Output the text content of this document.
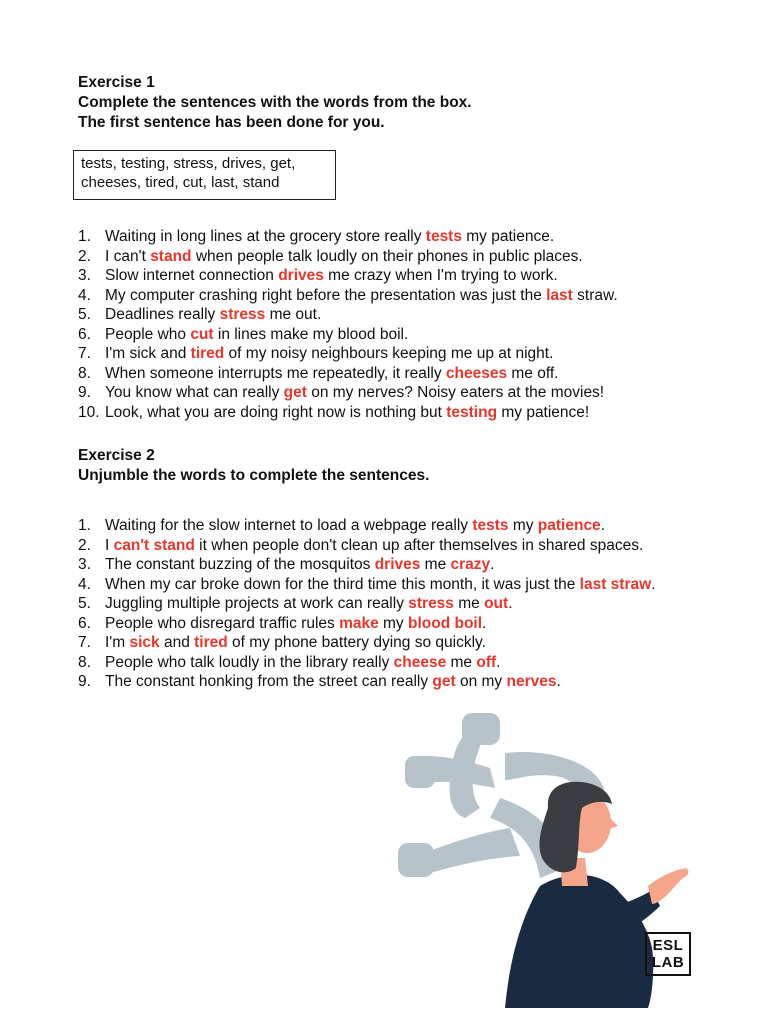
Exercise 1
Complete the sentences with the words from the box. The first sentence has been done for you.
tests, testing, stress, drives, get,
cheeses, tired, cut, last, stand
1. Waiting in long lines at the grocery store really tests my patience.
2. I can't stand when people talk loudly on their phones in public places.
3. Slow internet connection drives me crazy when I'm trying to work.
4. My computer crashing right before the presentation was just the last straw.
5. Deadlines really stress me out.
6. People who cut in lines make my blood boil.
7. I'm sick and tired of my noisy neighbours keeping me up at night.
8. When someone interrupts me repeatedly, it really cheeses me off.
9. You know what can really get on my nerves? Noisy eaters at the movies!
10. Look, what you are doing right now is nothing but testing my patience!
Exercise 2
Unjumble the words to complete the sentences.
1. Waiting for the slow internet to load a webpage really tests my patience.
2. I can't stand it when people don't clean up after themselves in shared spaces.
3. The constant buzzing of the mosquitos drives me crazy.
4. When my car broke down for the third time this month, it was just the last straw.
5. Juggling multiple projects at work can really stress me out.
6. People who disregard traffic rules make my blood boil.
7. I'm sick and tired of my phone battery dying so quickly.
8. People who talk loudly in the library really cheese me off.
9. The constant honking from the street can really get on my nerves.
ESL
LAB
